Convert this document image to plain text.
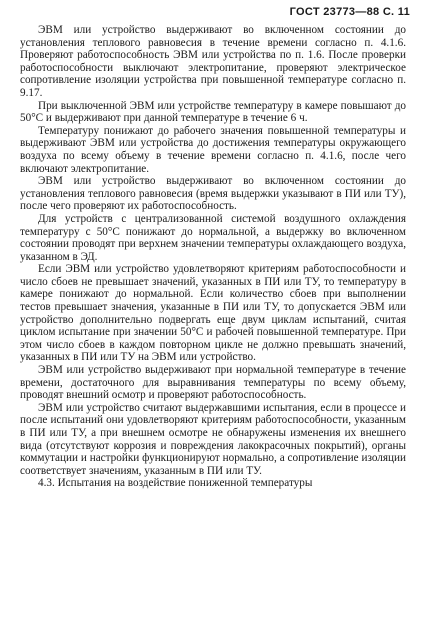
ГОСТ 23773—88 С. 11

ЭВМ или устройство выдерживают во включенном состоянии до установления теплового равновесия в течение времени согласно п. 4.1.6. Проверяют работоспособность ЭВМ или устройства по п. 1.6. После проверки работоспособности выключают электропитание, проверяют электрическое сопротивление изоляции устройства при повышенной температуре согласно п. 9.17.

При выключенной ЭВМ или устройстве температуру в камере повышают до 50°С и выдерживают при данной температуре в течение 6 ч.

Температуру понижают до рабочего значения повышенной температуры и выдерживают ЭВМ или устройства до достижения температуры окружающего воздуха по всему объему в течение времени согласно п. 4.1.6, после чего включают электропитание.

ЭВМ или устройство выдерживают во включенном состоянии до установления теплового равновесия (время выдержки указывают в ПИ или ТУ), после чего проверяют их работоспособность.

Для устройств с централизованной системой воздушного охлаждения температуру с 50°С понижают до нормальной, а выдержку во включенном состоянии проводят при верхнем значении температуры охлаждающего воздуха, указанном в ЭД.

Если ЭВМ или устройство удовлетворяют критериям работоспособности и число сбоев не превышает значений, указанных в ПИ или ТУ, то температуру в камере понижают до нормальной. Если количество сбоев при выполнении тестов превышает значения, указанные в ПИ или ТУ, то допускается ЭВМ или устройство дополнительно подвергать еще двум циклам испытаний, считая циклом испытание при значении 50°С и рабочей повышенной температуре. При этом число сбоев в каждом повторном цикле не должно превышать значений, указанных в ПИ или ТУ на ЭВМ или устройство.

ЭВМ или устройство выдерживают при нормальной температуре в течение времени, достаточного для выравнивания температуры по всему объему, проводят внешний осмотр и проверяют работоспособность.

ЭВМ или устройство считают выдержавшими испытания, если в процессе и после испытаний они удовлетворяют критериям работоспособности, указанным в ПИ или ТУ, а при внешнем осмотре не обнаружены изменения их внешнего вида (отсутствуют коррозия и повреждения лакокрасочных покрытий), органы коммутации и настройки функционируют нормально, а сопротивление изоляции соответствует значениям, указанным в ПИ или ТУ.

4.3. Испытания на воздействие пониженной температуры
